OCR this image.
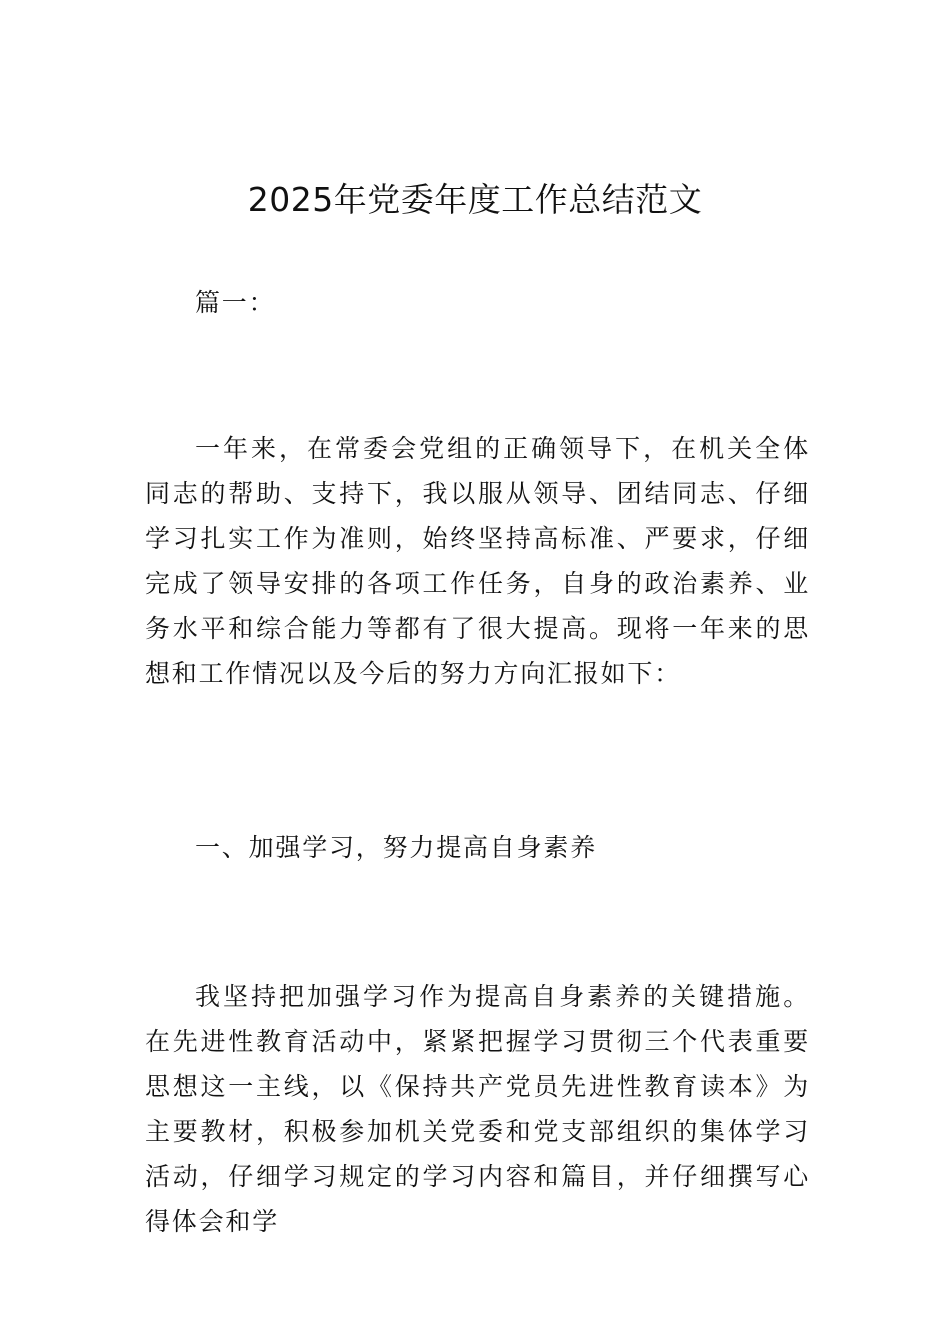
2025年党委年度工作总结范文

篇一：

一年来，在常委会党组的正确领导下，在机关全体同志的帮助、支持下，我以服从领导、团结同志、仔细学习扎实工作为准则，始终坚持高标准、严要求，仔细完成了领导安排的各项工作任务，自身的政治素养、业务水平和综合能力等都有了很大提高。现将一年来的思想和工作情况以及今后的努力方向汇报如下：

一、加强学习，努力提高自身素养

我坚持把加强学习作为提高自身素养的关键措施。在先进性教育活动中，紧紧把握学习贯彻三个代表重要思想这一主线，以《保持共产党员先进性教育读本》为主要教材，积极参加机关党委和党支部组织的集体学习活动，仔细学习规定的学习内容和篇目，并仔细撰写心得体会和学
